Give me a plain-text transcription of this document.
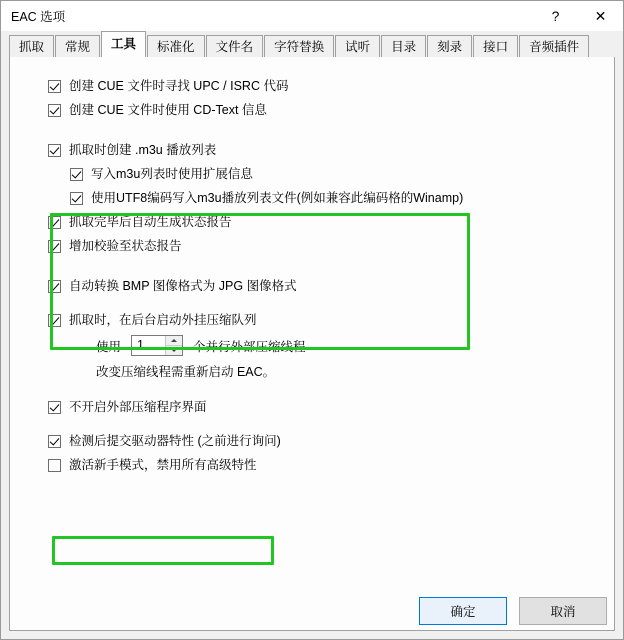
EAC 选项	?	✕
抓取	常规	工具	标准化	文件名	字符替换	试听	目录	刻录	接口	音频插件
创建 CUE 文件时寻找 UPC / ISRC 代码
创建 CUE 文件时使用 CD-Text 信息
抓取时创建 .m3u 播放列表
写入m3u列表时使用扩展信息
使用UTF8编码写入m3u播放列表文件(例如兼容此编码格的Winamp)
抓取完毕后自动生成状态报告
增加校验至状态报告
自动转换 BMP 图像格式为 JPG 图像格式
抓取时，在后台启动外挂压缩队列
使用	1	个并行外部压缩线程
改变压缩线程需重新启动 EAC。
不开启外部压缩程序界面
检测后提交驱动器特性 (之前进行询问)
激活新手模式，禁用所有高级特性
确定	取消
